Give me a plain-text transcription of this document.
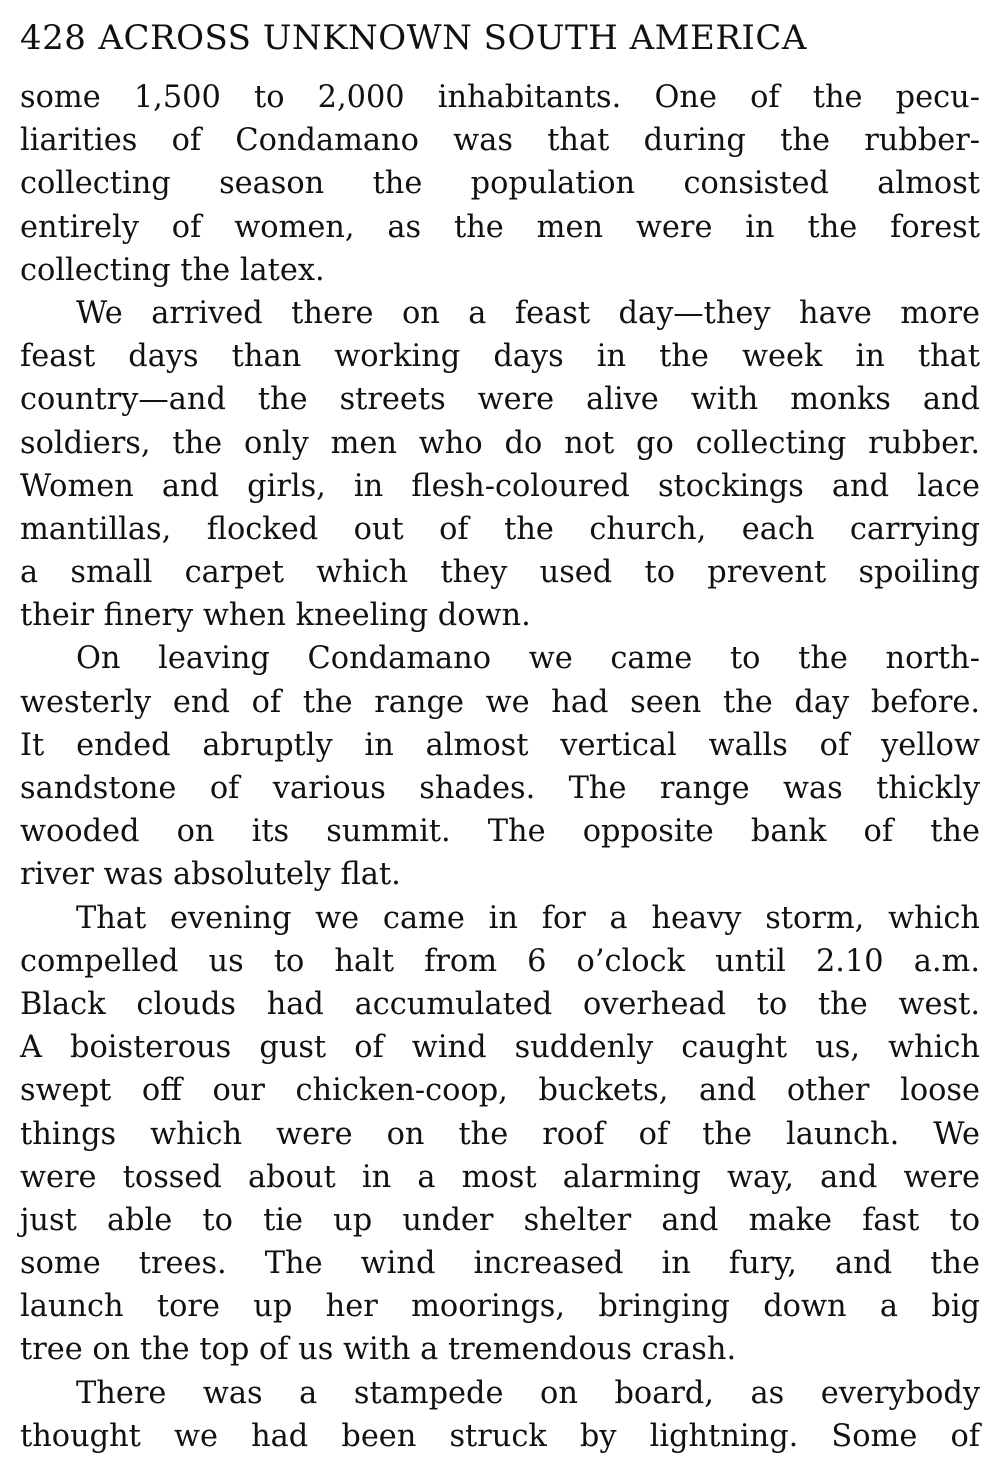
428 ACROSS UNKNOWN SOUTH AMERICA
some 1,500 to 2,000 inhabitants. One of the pecu-
liarities of Condamano was that during the rubber-
collecting season the population consisted almost
entirely of women, as the men were in the forest
collecting the latex.
We arrived there on a feast day—they have more
feast days than working days in the week in that
country—and the streets were alive with monks and
soldiers, the only men who do not go collecting rubber.
Women and girls, in flesh-coloured stockings and lace
mantillas, flocked out of the church, each carrying
a small carpet which they used to prevent spoiling
their finery when kneeling down.
On leaving Condamano we came to the north-
westerly end of the range we had seen the day before.
It ended abruptly in almost vertical walls of yellow
sandstone of various shades. The range was thickly
wooded on its summit. The opposite bank of the
river was absolutely flat.
That evening we came in for a heavy storm, which
compelled us to halt from 6 o’clock until 2.10 a.m.
Black clouds had accumulated overhead to the west.
A boisterous gust of wind suddenly caught us, which
swept off our chicken-coop, buckets, and other loose
things which were on the roof of the launch. We
were tossed about in a most alarming way, and were
just able to tie up under shelter and make fast to
some trees. The wind increased in fury, and the
launch tore up her moorings, bringing down a big
tree on the top of us with a tremendous crash.
There was a stampede on board, as everybody
thought we had been struck by lightning. Some of
